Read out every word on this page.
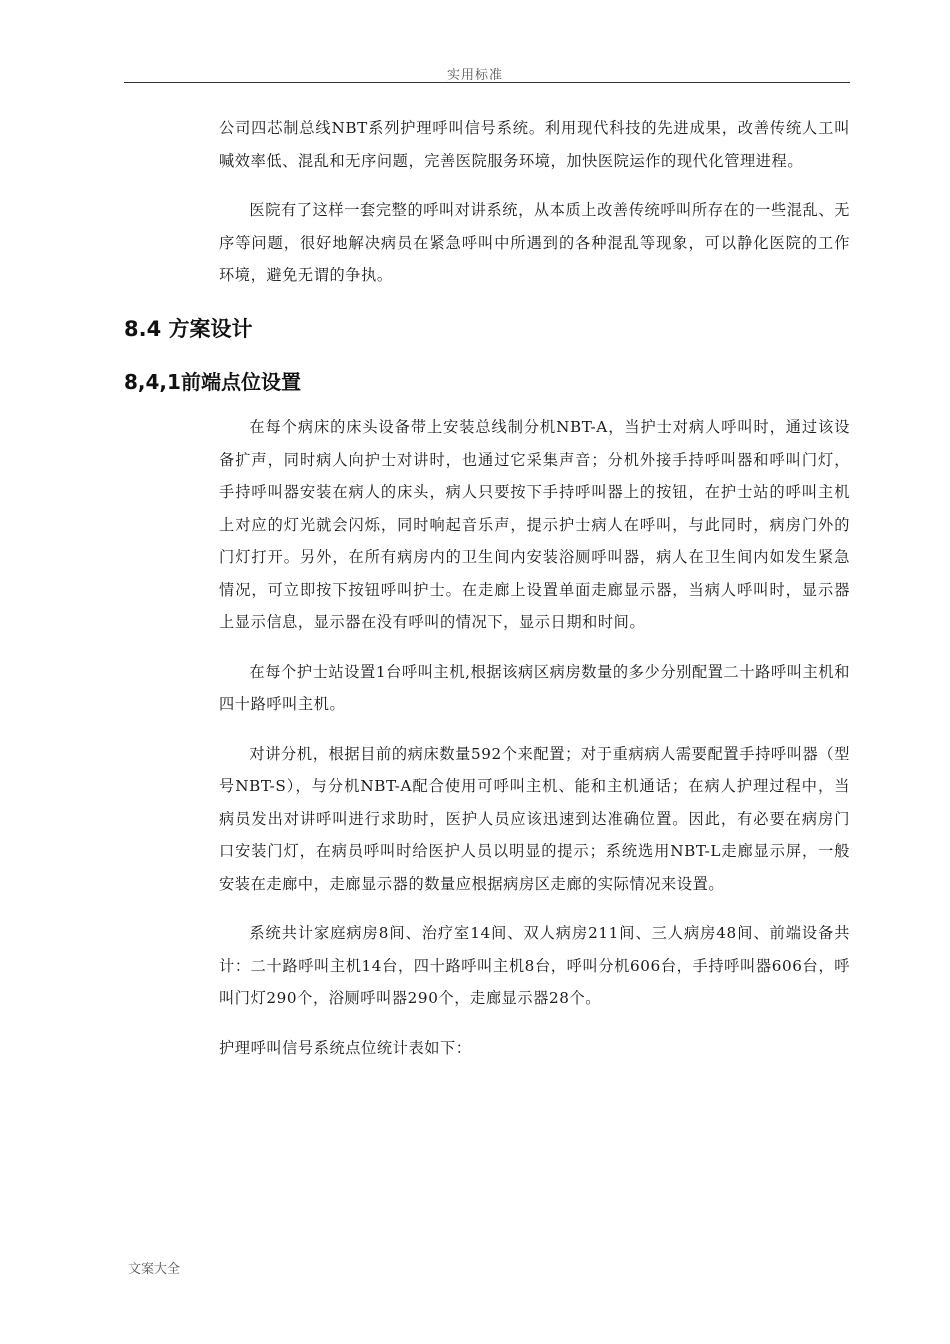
实用标准

公司四芯制总线NBT系列护理呼叫信号系统。利用现代科技的先进成果，改善传统人工叫喊效率低、混乱和无序问题，完善医院服务环境，加快医院运作的现代化管理进程。

医院有了这样一套完整的呼叫对讲系统，从本质上改善传统呼叫所存在的一些混乱、无序等问题，很好地解决病员在紧急呼叫中所遇到的各种混乱等现象，可以静化医院的工作环境，避免无谓的争执。

8.4 方案设计
8,4,1前端点位设置

在每个病床的床头设备带上安装总线制分机NBT-A，当护士对病人呼叫时，通过该设备扩声，同时病人向护士对讲时，也通过它采集声音；分机外接手持呼叫器和呼叫门灯，手持呼叫器安装在病人的床头，病人只要按下手持呼叫器上的按钮，在护士站的呼叫主机上对应的灯光就会闪烁，同时响起音乐声，提示护士病人在呼叫，与此同时，病房门外的门灯打开。另外，在所有病房内的卫生间内安装浴厕呼叫器，病人在卫生间内如发生紧急情况，可立即按下按钮呼叫护士。在走廊上设置单面走廊显示器，当病人呼叫时，显示器上显示信息，显示器在没有呼叫的情况下，显示日期和时间。

在每个护士站设置1台呼叫主机,根据该病区病房数量的多少分别配置二十路呼叫主机和四十路呼叫主机。

对讲分机，根据目前的病床数量592个来配置；对于重病病人需要配置手持呼叫器（型号NBT-S），与分机NBT-A配合使用可呼叫主机、能和主机通话；在病人护理过程中，当病员发出对讲呼叫进行求助时，医护人员应该迅速到达准确位置。因此，有必要在病房门口安装门灯，在病员呼叫时给医护人员以明显的提示；系统选用NBT-L走廊显示屏，一般安装在走廊中，走廊显示器的数量应根据病房区走廊的实际情况来设置。

系统共计家庭病房8间、治疗室14间、双人病房211间、三人病房48间、前端设备共计：二十路呼叫主机14台，四十路呼叫主机8台，呼叫分机606台，手持呼叫器606台，呼叫门灯290个，浴厕呼叫器290个，走廊显示器28个。

护理呼叫信号系统点位统计表如下：

文案大全
